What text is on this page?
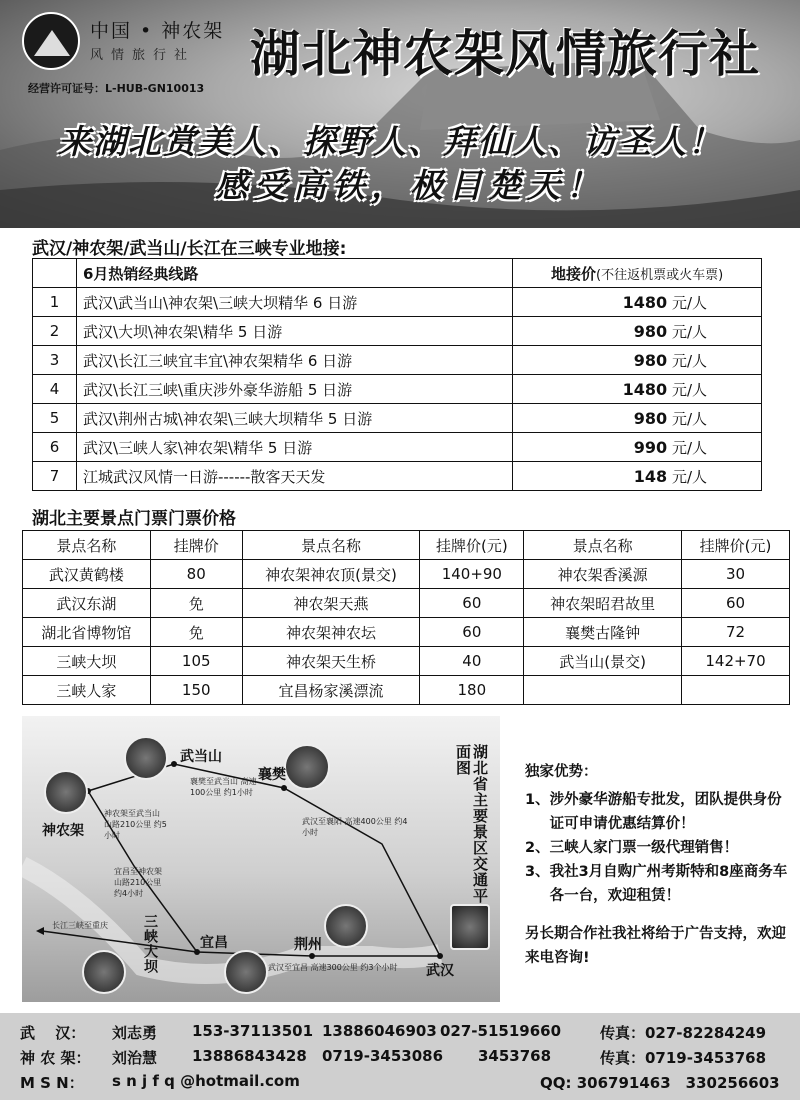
中国 • 神农架
风情旅行社
经营许可证号：L-HUB-GN10013
湖北神农架风情旅行社
来湖北赏美人、探野人、拜仙人、访圣人！
感受高铁，极目楚天！
武汉/神农架/武当山/长江在三峡专业地接:
	6月热销经典线路	地接价(不往返机票或火车票)
1	武汉\武当山\神农架\三峡大坝精华 6 日游	1480 元/人
2	武汉\大坝\神农架\精华 5 日游	980 元/人
3	武汉\长江三峡宜丰宜\神农架精华 6 日游	980 元/人
4	武汉\长江三峡\重庆涉外豪华游船 5 日游	1480 元/人
5	武汉\荆州古城\神农架\三峡大坝精华 5 日游	980 元/人
6	武汉\三峡人家\神农架\精华 5 日游	990 元/人
7	江城武汉风情一日游------散客天天发	148 元/人
湖北主要景点门票门票价格
景点名称	挂牌价	景点名称	挂牌价(元)	景点名称	挂牌价(元)
武汉黄鹤楼	80	神农架神农顶(景交)	140+90	神农架香溪源	30
武汉东湖	免	神农架天燕	60	神农架昭君故里	60
湖北省博物馆	免	神农架神农坛	60	襄樊古隆钟	72
三峡大坝	105	神农架天生桥	40	武当山(景交)	142+70
三峡人家	150	宜昌杨家溪漂流	180		
武当山
襄樊
神农架
三峡大坝	宜昌	荆州
武汉
湖北省主要景区交通平面图
襄樊至武当山 高速100公里 约1小时
神农架至武当山 山路210公里 约5小时
武汉至襄阳 高速400公里 约4小时
宜昌至神农架 山路210公里 约4小时
武汉至宜昌 高速300公里 约3个小时
长江三峡至重庆
独家优势：
1、 涉外豪华游船专批发，团队提供身份证可申请优惠结算价！
2、 三峡人家门票一级代理销售！
3、 我社3月自购广州考斯特和8座商务车各一台，欢迎租赁！
另长期合作社我社将给于广告支持，欢迎来电咨询!
武　 汉： 刘志勇 153-37113501 13886046903 027-51519660	传真：027-82284249
神 农 架： 刘治慧 13886843428 0719-3453086 3453768	传真：0719-3453768
M S N： s n j f q @hotmail.com	QQ: 306791463　330256603
